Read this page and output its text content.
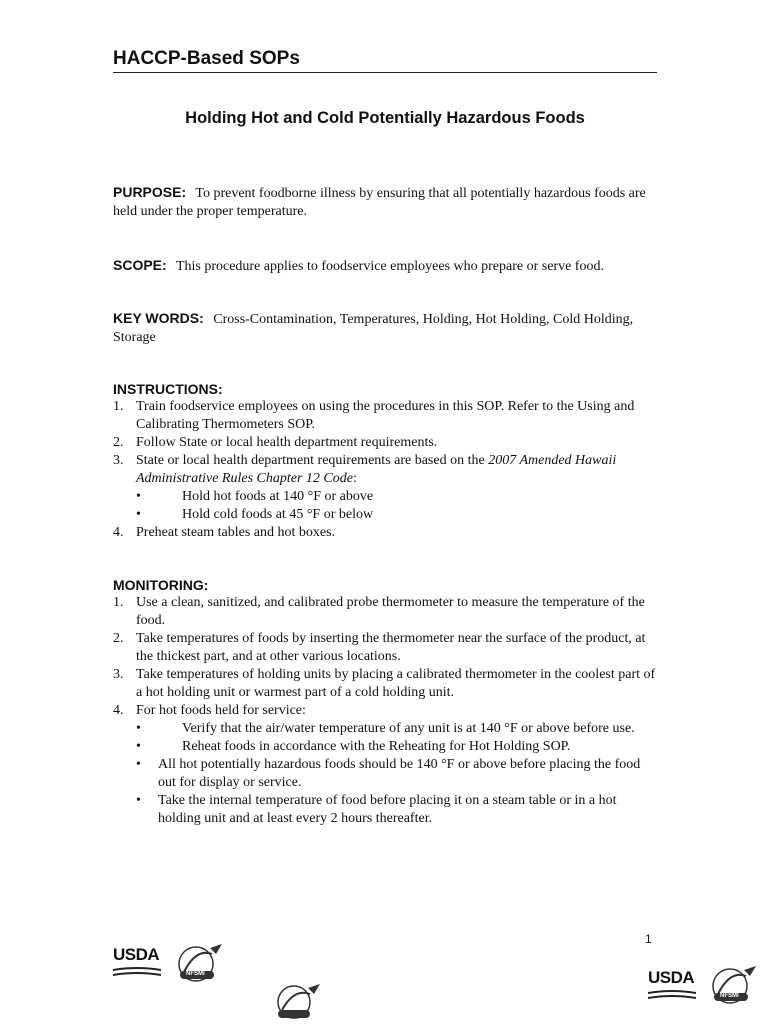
HACCP-Based SOPs
Holding Hot and Cold Potentially Hazardous Foods
PURPOSE: To prevent foodborne illness by ensuring that all potentially hazardous foods are held under the proper temperature.
SCOPE: This procedure applies to foodservice employees who prepare or serve food.
KEY WORDS: Cross-Contamination, Temperatures, Holding, Hot Holding, Cold Holding, Storage
INSTRUCTIONS:
1. Train foodservice employees on using the procedures in this SOP. Refer to the Using and Calibrating Thermometers SOP.
2. Follow State or local health department requirements.
3. State or local health department requirements are based on the 2007 Amended Hawaii Administrative Rules Chapter 12 Code:
•	Hold hot foods at 140 °F or above
•	Hold cold foods at 45 °F or below
4. Preheat steam tables and hot boxes.
MONITORING:
1. Use a clean, sanitized, and calibrated probe thermometer to measure the temperature of the food.
2. Take temperatures of foods by inserting the thermometer near the surface of the product, at the thickest part, and at other various locations.
3. Take temperatures of holding units by placing a calibrated thermometer in the coolest part of a hot holding unit or warmest part of a cold holding unit.
4. For hot foods held for service:
•	Verify that the air/water temperature of any unit is at 140 °F or above before use.
•	Reheat foods in accordance with the Reheating for Hot Holding SOP.
• All hot potentially hazardous foods should be 140 °F or above before placing the food out for display or service.
• Take the internal temperature of food before placing it on a steam table or in a hot holding unit and at least every 2 hours thereafter.
1
USDA
NFSMI	USDA
NFSMI
